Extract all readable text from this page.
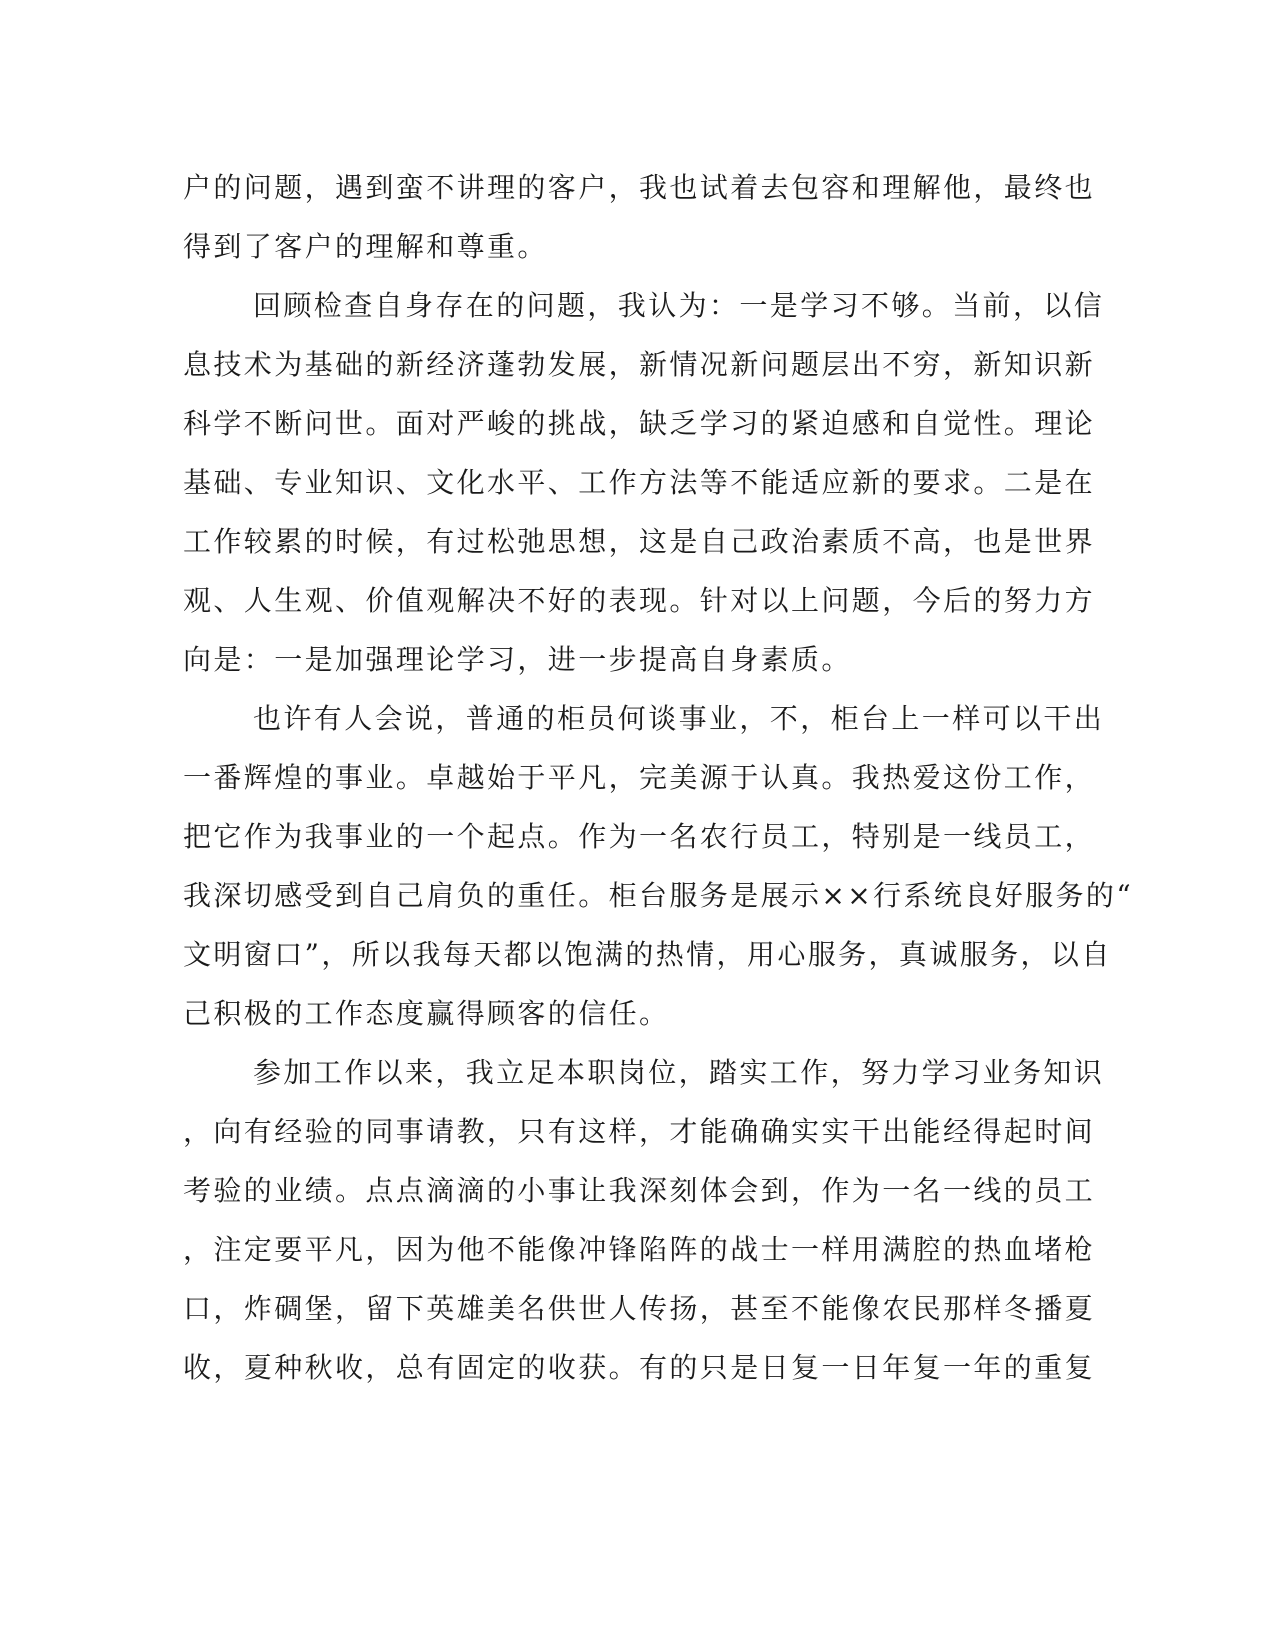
户的问题，遇到蛮不讲理的客户，我也试着去包容和理解他，最终也
得到了客户的理解和尊重。
回顾检查自身存在的问题，我认为：一是学习不够。当前，以信
息技术为基础的新经济蓬勃发展，新情况新问题层出不穷，新知识新
科学不断问世。面对严峻的挑战，缺乏学习的紧迫感和自觉性。理论
基础、专业知识、文化水平、工作方法等不能适应新的要求。二是在
工作较累的时候，有过松弛思想，这是自己政治素质不高，也是世界
观、人生观、价值观解决不好的表现。针对以上问题，今后的努力方
向是：一是加强理论学习，进一步提高自身素质。
也许有人会说，普通的柜员何谈事业，不，柜台上一样可以干出
一番辉煌的事业。卓越始于平凡，完美源于认真。我热爱这份工作，
把它作为我事业的一个起点。作为一名农行员工，特别是一线员工，
我深切感受到自己肩负的重任。柜台服务是展示××行系统良好服务的“
文明窗口”，所以我每天都以饱满的热情，用心服务，真诚服务，以自
己积极的工作态度赢得顾客的信任。
参加工作以来，我立足本职岗位，踏实工作，努力学习业务知识
，向有经验的同事请教，只有这样，才能确确实实干出能经得起时间
考验的业绩。点点滴滴的小事让我深刻体会到，作为一名一线的员工
，注定要平凡，因为他不能像冲锋陷阵的战士一样用满腔的热血堵枪
口，炸碉堡，留下英雄美名供世人传扬，甚至不能像农民那样冬播夏
收，夏种秋收，总有固定的收获。有的只是日复一日年复一年的重复
